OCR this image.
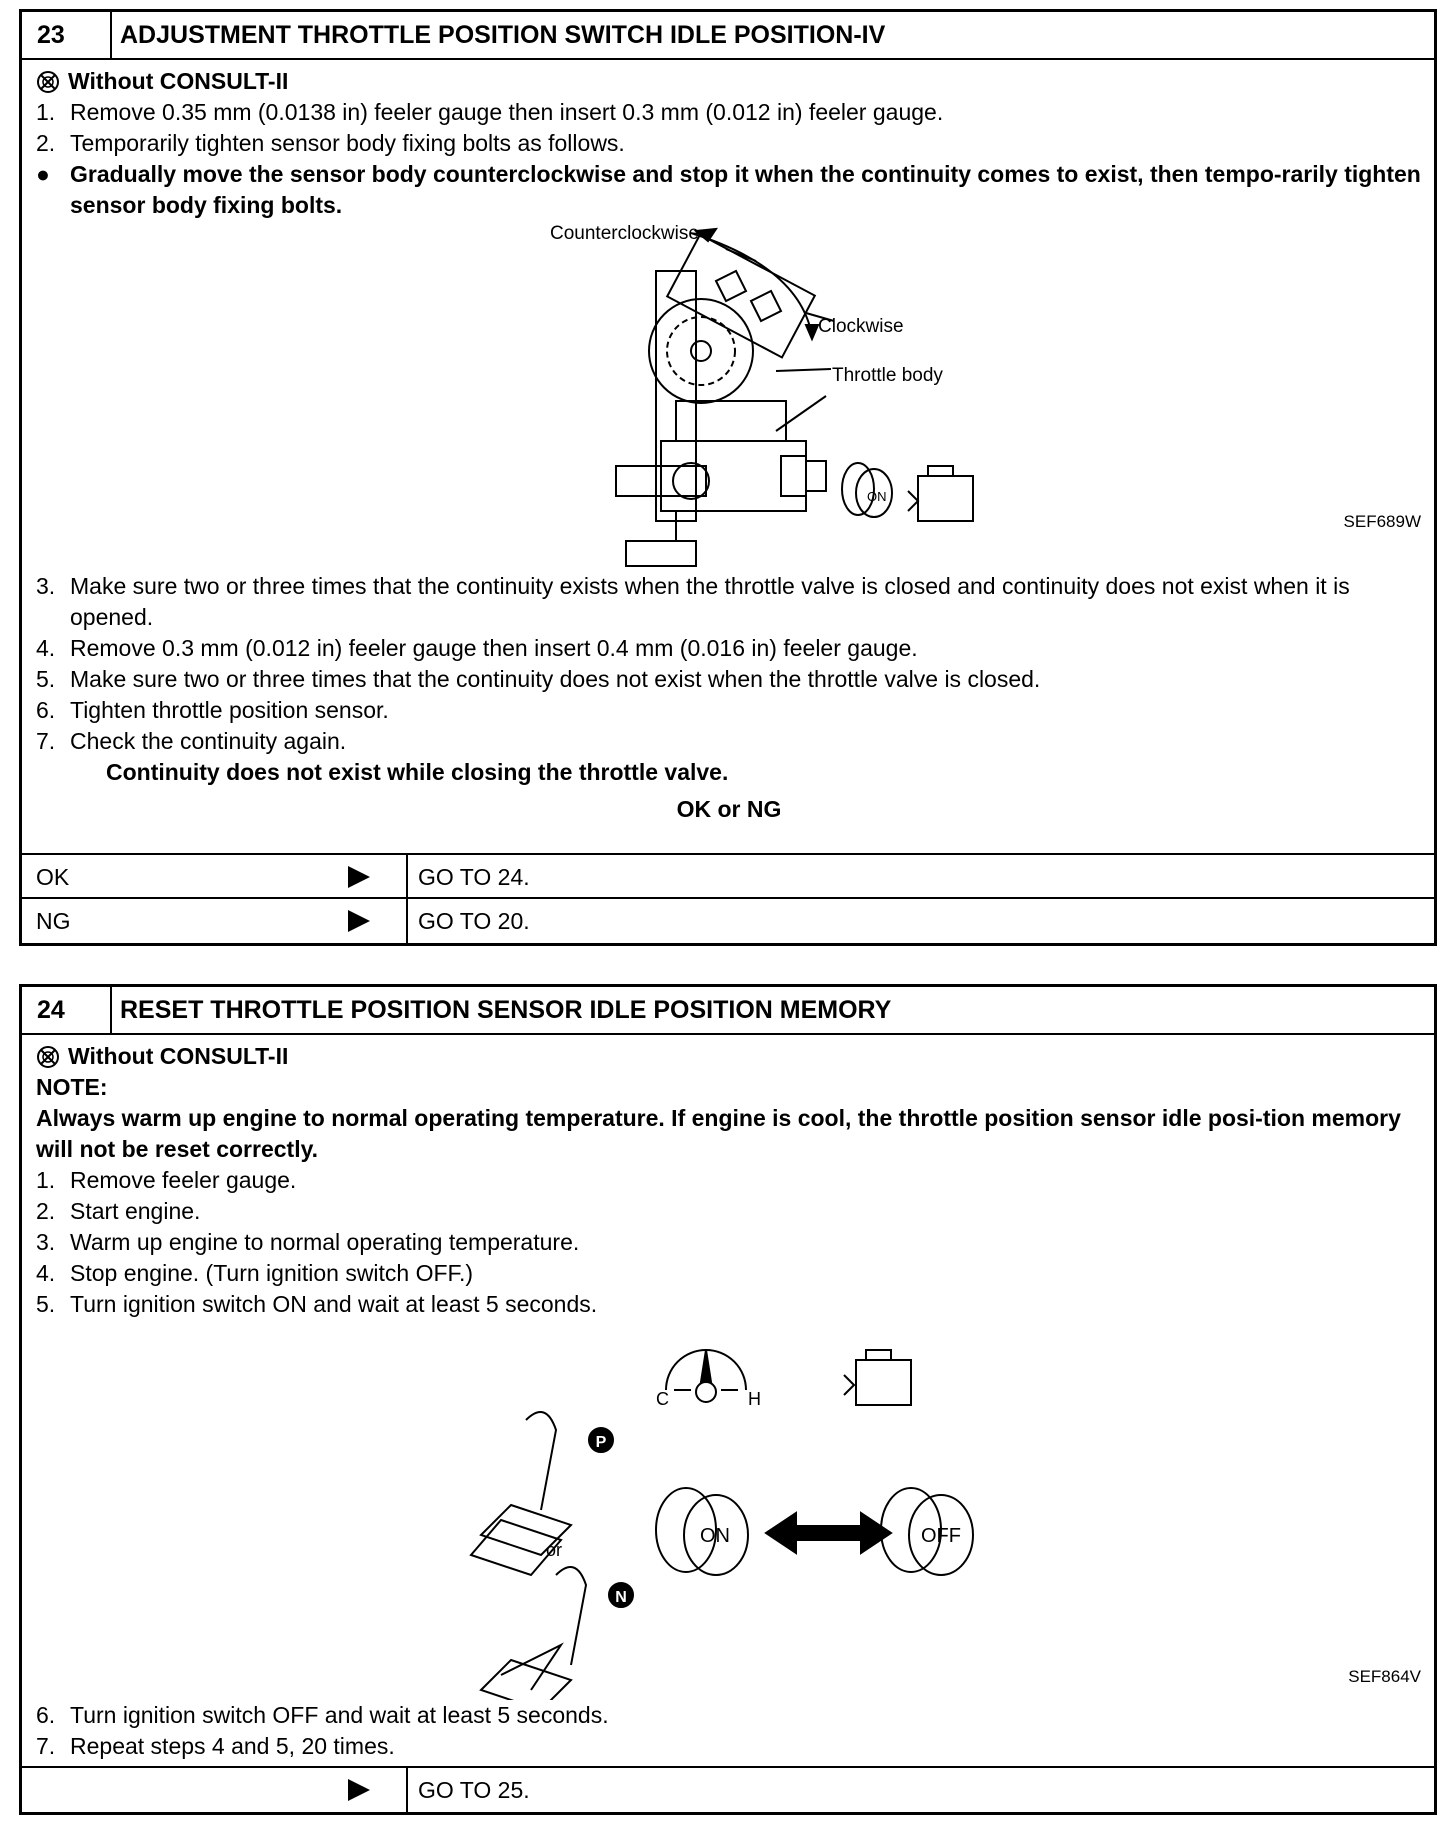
23	ADJUSTMENT THROTTLE POSITION SWITCH IDLE POSITION-IV
Without CONSULT-II
1. Remove 0.35 mm (0.0138 in) feeler gauge then insert 0.3 mm (0.012 in) feeler gauge.
2. Temporarily tighten sensor body fixing bolts as follows.
● Gradually move the sensor body counterclockwise and stop it when the continuity comes to exist, then tempo-rarily tighten sensor body fixing bolts.
Counterclockwise
Clockwise
Throttle body
ON
SEF689W
3. Make sure two or three times that the continuity exists when the throttle valve is closed and continuity does not exist when it is opened.
4. Remove 0.3 mm (0.012 in) feeler gauge then insert 0.4 mm (0.016 in) feeler gauge.
5. Make sure two or three times that the continuity does not exist when the throttle valve is closed.
6. Tighten throttle position sensor.
7. Check the continuity again.
Continuity does not exist while closing the throttle valve.
OK or NG
OK	GO TO 24.
NG	GO TO 20.
24	RESET THROTTLE POSITION SENSOR IDLE POSITION MEMORY
Without CONSULT-II
NOTE:
Always warm up engine to normal operating temperature. If engine is cool, the throttle position sensor idle posi-tion memory will not be reset correctly.
1. Remove feeler gauge.
2. Start engine.
3. Warm up engine to normal operating temperature.
4. Stop engine. (Turn ignition switch OFF.)
5. Turn ignition switch ON and wait at least 5 seconds.
C	H
P
N
or
ON	OFF
SEF864V
6. Turn ignition switch OFF and wait at least 5 seconds.
7. Repeat steps 4 and 5, 20 times.
GO TO 25.
